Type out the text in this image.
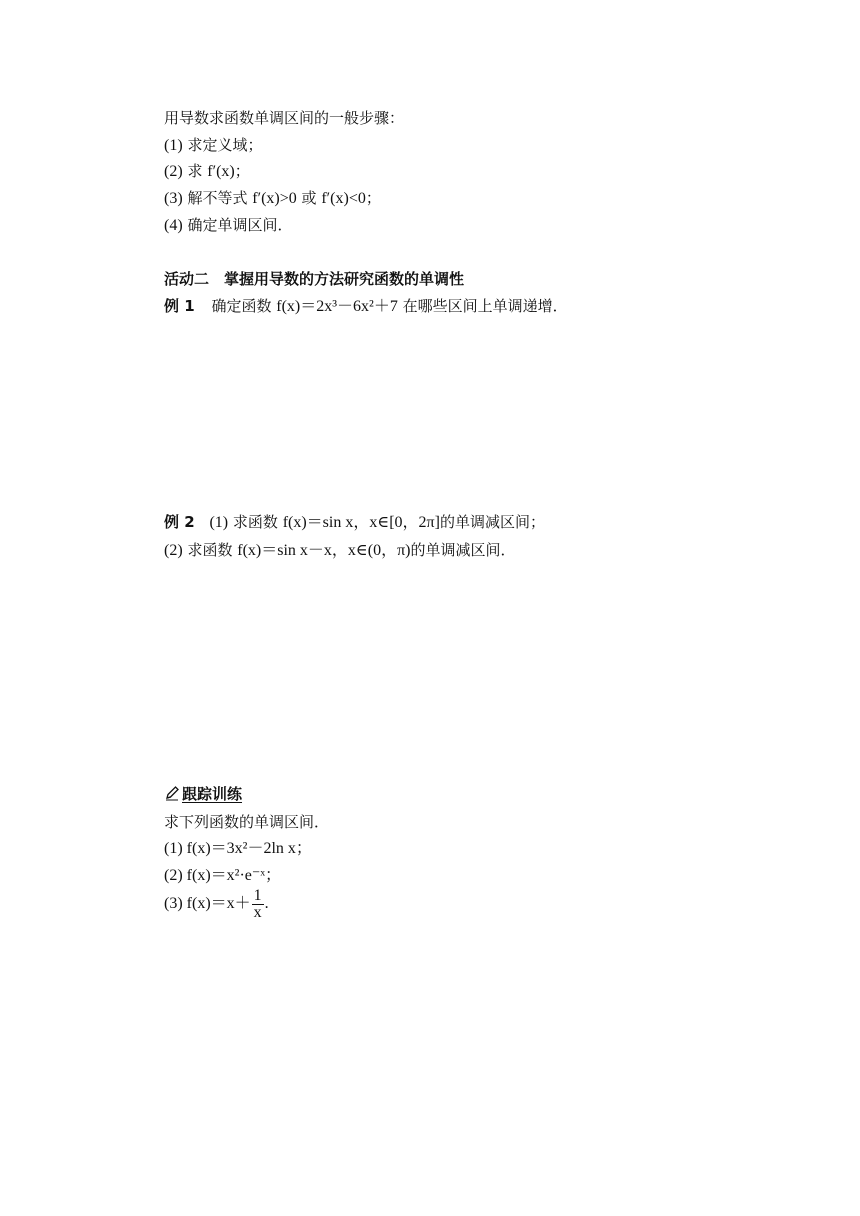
用导数求函数单调区间的一般步骤：
(1) 求定义域；
(2) 求 f′(x)；
(3) 解不等式 f′(x)>0 或 f′(x)<0；
(4) 确定单调区间．
活动二　掌握用导数的方法研究函数的单调性
例 1 确定函数 f(x)＝2x³－6x²＋7 在哪些区间上单调递增．
例 2 (1) 求函数 f(x)＝sin x，x∈[0，2π]的单调减区间；
(2) 求函数 f(x)＝sin x－x，x∈(0，π)的单调减区间．
跟踪训练
求下列函数的单调区间．
(1) f(x)＝3x²－2ln x；
(2) f(x)＝x²·e⁻ˣ；
(3) $f(x)=x+ \frac{1}{x}$ .
